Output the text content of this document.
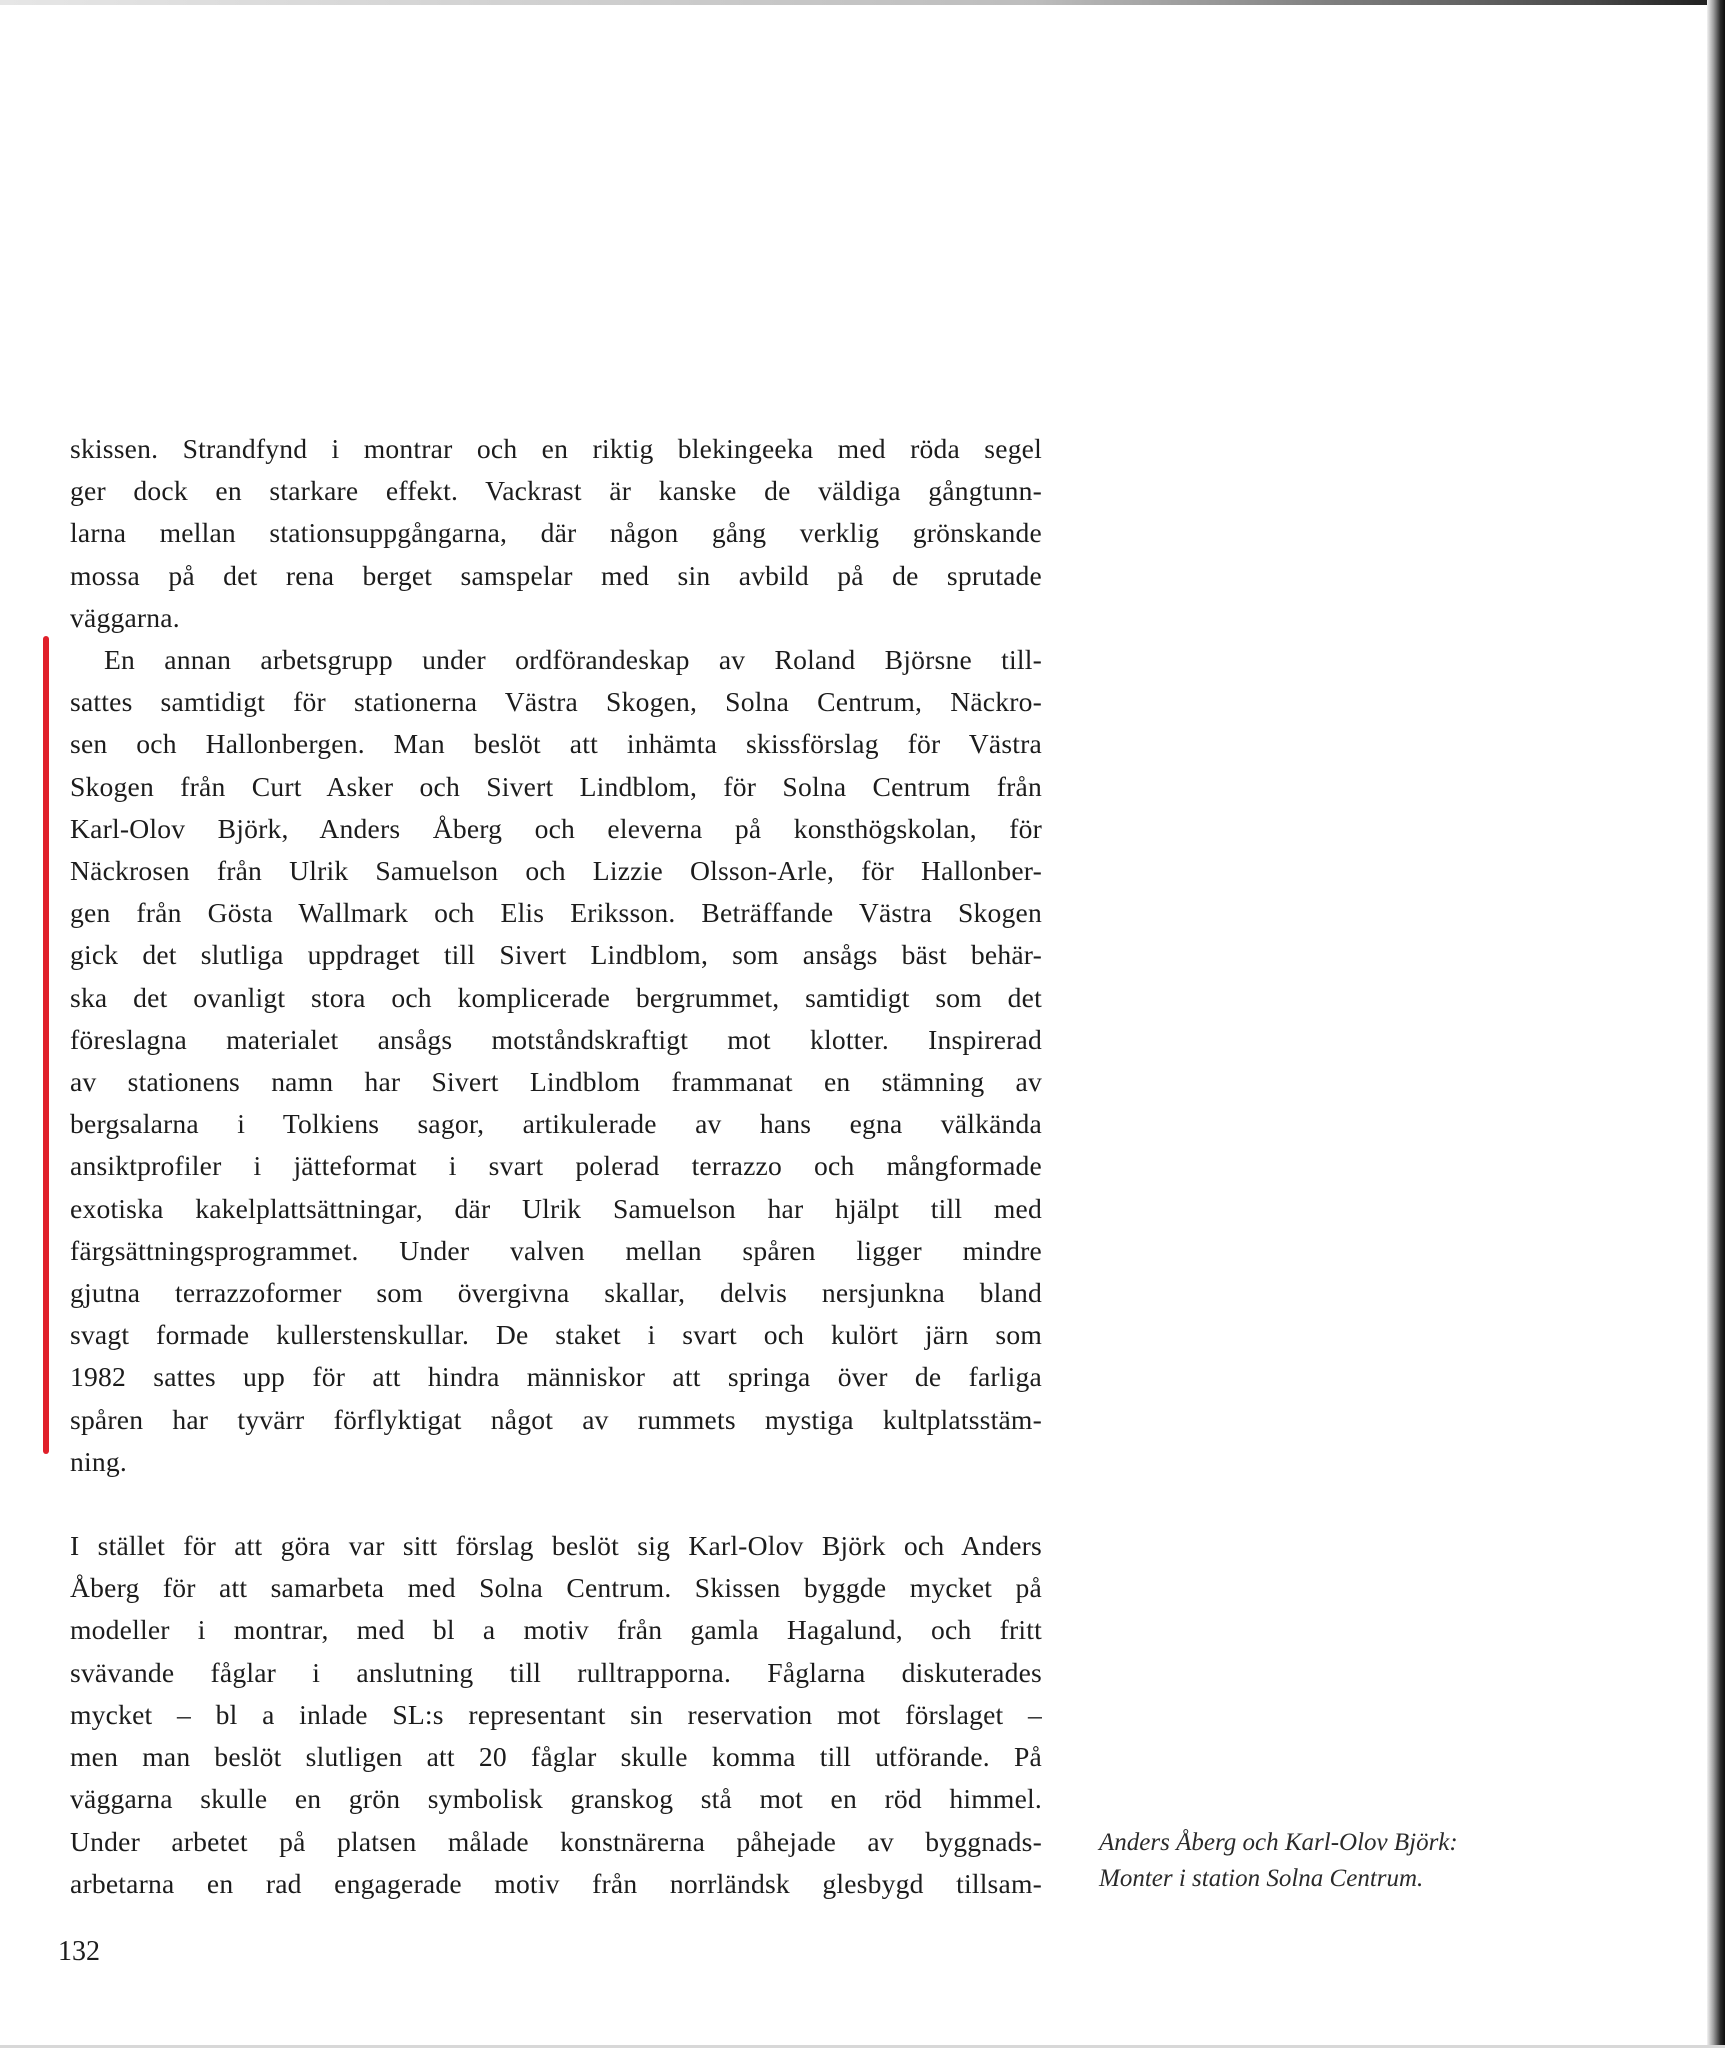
skissen. Strandfynd i montrar och en riktig blekingeeka med röda segel
ger dock en starkare effekt. Vackrast är kanske de väldiga gångtunn-
larna mellan stationsuppgångarna, där någon gång verklig grönskande
mossa på det rena berget samspelar med sin avbild på de sprutade
väggarna.

En annan arbetsgrupp under ordförandeskap av Roland Björsne till-
sattes samtidigt för stationerna Västra Skogen, Solna Centrum, Näckro-
sen och Hallonbergen. Man beslöt att inhämta skissförslag för Västra
Skogen från Curt Asker och Sivert Lindblom, för Solna Centrum från
Karl-Olov Björk, Anders Åberg och eleverna på konsthögskolan, för
Näckrosen från Ulrik Samuelson och Lizzie Olsson-Arle, för Hallonber-
gen från Gösta Wallmark och Elis Eriksson. Beträffande Västra Skogen
gick det slutliga uppdraget till Sivert Lindblom, som ansågs bäst behär-
ska det ovanligt stora och komplicerade bergrummet, samtidigt som det
föreslagna materialet ansågs motståndskraftigt mot klotter. Inspirerad
av stationens namn har Sivert Lindblom frammanat en stämning av
bergsalarna i Tolkiens sagor, artikulerade av hans egna välkända
ansiktprofiler i jätteformat i svart polerad terrazzo och mångformade
exotiska kakelplattsättningar, där Ulrik Samuelson har hjälpt till med
färgsättningsprogrammet. Under valven mellan spåren ligger mindre
gjutna terrazzoformer som övergivna skallar, delvis nersjunkna bland
svagt formade kullerstenskullar. De staket i svart och kulört järn som
1982 sattes upp för att hindra människor att springa över de farliga
spåren har tyvärr förflyktigat något av rummets mystiga kultplatsstäm-
ning.

I stället för att göra var sitt förslag beslöt sig Karl-Olov Björk och Anders
Åberg för att samarbeta med Solna Centrum. Skissen byggde mycket på
modeller i montrar, med bl a motiv från gamla Hagalund, och fritt
svävande fåglar i anslutning till rulltrapporna. Fåglarna diskuterades
mycket – bl a inlade SL:s representant sin reservation mot förslaget –
men man beslöt slutligen att 20 fåglar skulle komma till utförande. På
väggarna skulle en grön symbolisk granskog stå mot en röd himmel.
Under arbetet på platsen målade konstnärerna påhejade av byggnads-
arbetarna en rad engagerade motiv från norrländsk glesbygd tillsam-

Anders Åberg och Karl-Olov Björk:
Monter i station Solna Centrum.
132
